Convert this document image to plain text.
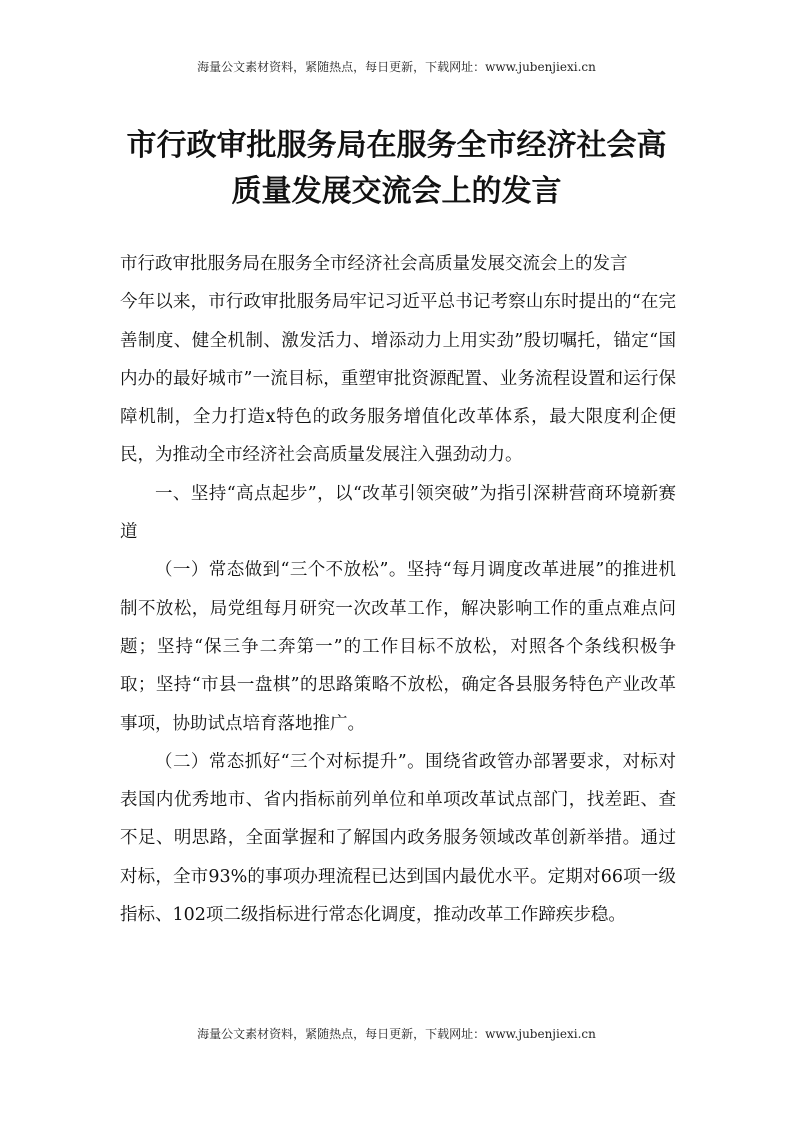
海量公文素材资料，紧随热点，每日更新，下载网址：www.jubenjiexi.cn
市行政审批服务局在服务全市经济社会高
质量发展交流会上的发言

市行政审批服务局在服务全市经济社会高质量发展交流会上的发言

今年以来，市行政审批服务局牢记习近平总书记考察山东时提出的“在完善制度、健全机制、激发活力、增添动力上用实劲”殷切嘱托，锚定“国内办的最好城市”一流目标，重塑审批资源配置、业务流程设置和运行保障机制，全力打造x特色的政务服务增值化改革体系，最大限度利企便民，为推动全市经济社会高质量发展注入强劲动力。

一、坚持“高点起步”，以“改革引领突破”为指引深耕营商环境新赛道

（一）常态做到“三个不放松”。坚持“每月调度改革进展”的推进机制不放松，局党组每月研究一次改革工作，解决影响工作的重点难点问题；坚持“保三争二奔第一”的工作目标不放松，对照各个条线积极争取；坚持“市县一盘棋”的思路策略不放松，确定各县服务特色产业改革事项，协助试点培育落地推广。

（二）常态抓好“三个对标提升”。围绕省政管办部署要求，对标对表国内优秀地市、省内指标前列单位和单项改革试点部门，找差距、查不足、明思路，全面掌握和了解国内政务服务领域改革创新举措。通过对标，全市93%的事项办理流程已达到国内最优水平。定期对66项一级指标、102项二级指标进行常态化调度，推动改革工作蹄疾步稳。

海量公文素材资料，紧随热点，每日更新，下载网址：www.jubenjiexi.cn
